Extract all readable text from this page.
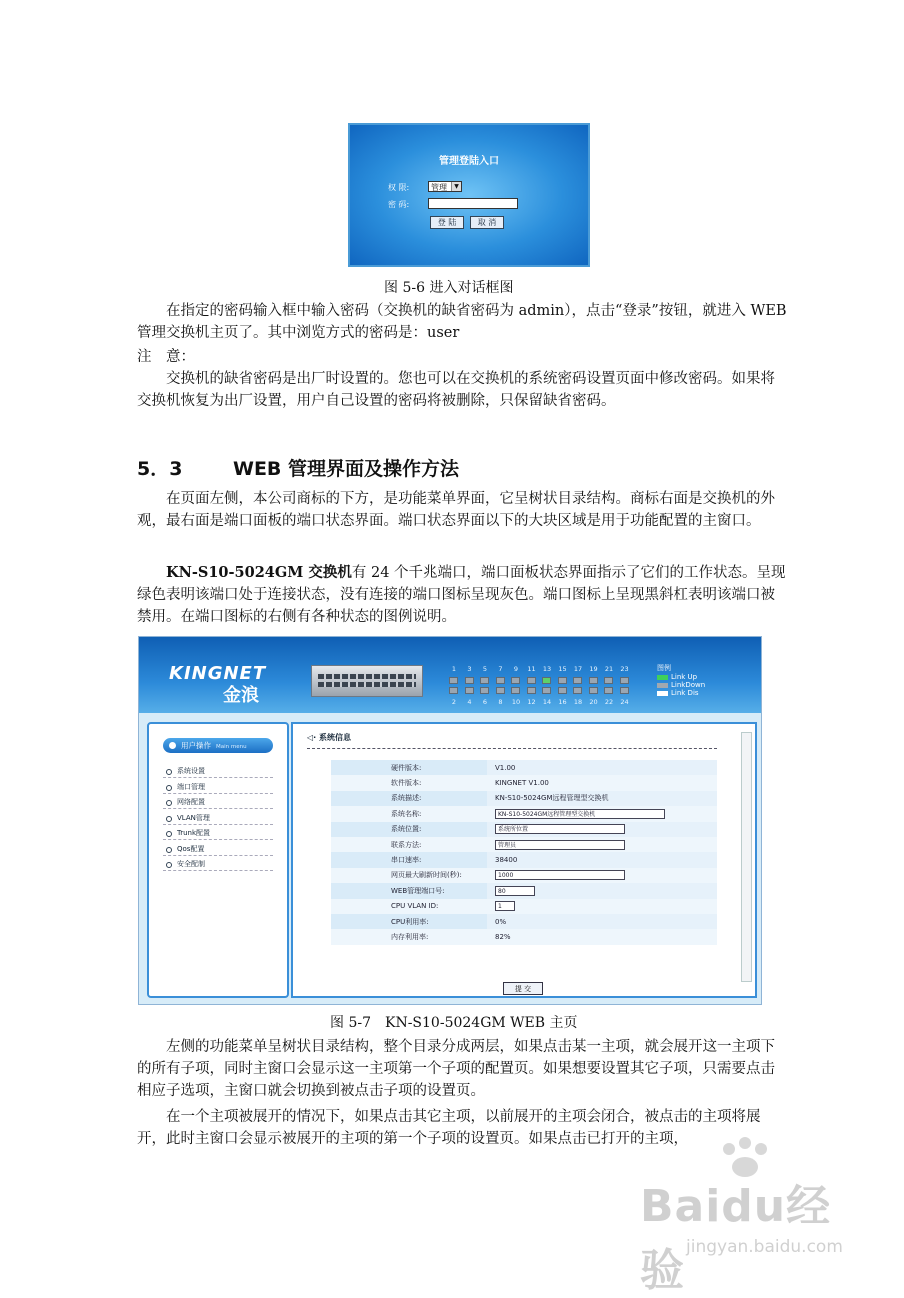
管理登陆入口
权 限:	管理	▼
密 码:
登 陆	取 消
图 5-6 进入对话框图

在指定的密码输入框中输入密码（交换机的缺省密码为 admin），点击“登录”按钮，就进入 WEB 管理交换机主页了。其中浏览方式的密码是：user

注　意：

交换机的缺省密码是出厂时设置的。您也可以在交换机的系统密码设置页面中修改密码。如果将交换机恢复为出厂设置，用户自己设置的密码将被删除，只保留缺省密码。

5．3	WEB 管理界面及操作方法

在页面左侧，本公司商标的下方，是功能菜单界面，它呈树状目录结构。商标右面是交换机的外观，最右面是端口面板的端口状态界面。端口状态界面以下的大块区域是用于功能配置的主窗口。

KN-S10-5024GM 交换机有 24 个千兆端口，端口面板状态界面指示了它们的工作状态。呈现绿色表明该端口处于连接状态，没有连接的端口图标呈现灰色。端口图标上呈现黑斜杠表明该端口被禁用。在端口图标的右侧有各种状态的图例说明。

KINGNET
金浪
1	3	5	7	9	11	13	15	17	19	21	23
2	4	6	8	10	12	14	16	18	20	22	24
图例
Link Up
LinkDown
Link Dis
用户操作 Main menu
系统设置
端口管理
网络配置
VLAN管理
Trunk配置
Qos配置
安全配制
◁· 系统信息
硬件版本:	V1.00
软件版本:	KINGNET V1.00
系统描述:	KN-S10-5024GM远程管理型交换机
系统名称:	KN-S10-5024GM远程管理型交换机
系统位置:	系统所位置
联系方法:	管理员
串口速率:	38400
网页最大刷新时间(秒):	1000
WEB管理端口号:	80
CPU VLAN ID:	1
CPU利用率:	0%
内存利用率:	82%
提 交
图 5-7　KN-S10-5024GM WEB 主页

左侧的功能菜单呈树状目录结构，整个目录分成两层，如果点击某一主项，就会展开这一主项下的所有子项，同时主窗口会显示这一主项第一个子项的配置页。如果想要设置其它子项，只需要点击相应子选项，主窗口就会切换到被点击子项的设置页。

在一个主项被展开的情况下，如果点击其它主项，以前展开的主项会闭合，被点击的主项将展开，此时主窗口会显示被展开的主项的第一个子项的设置页。如果点击已打开的主项，

Baidu经验 jingyan.baidu.com
